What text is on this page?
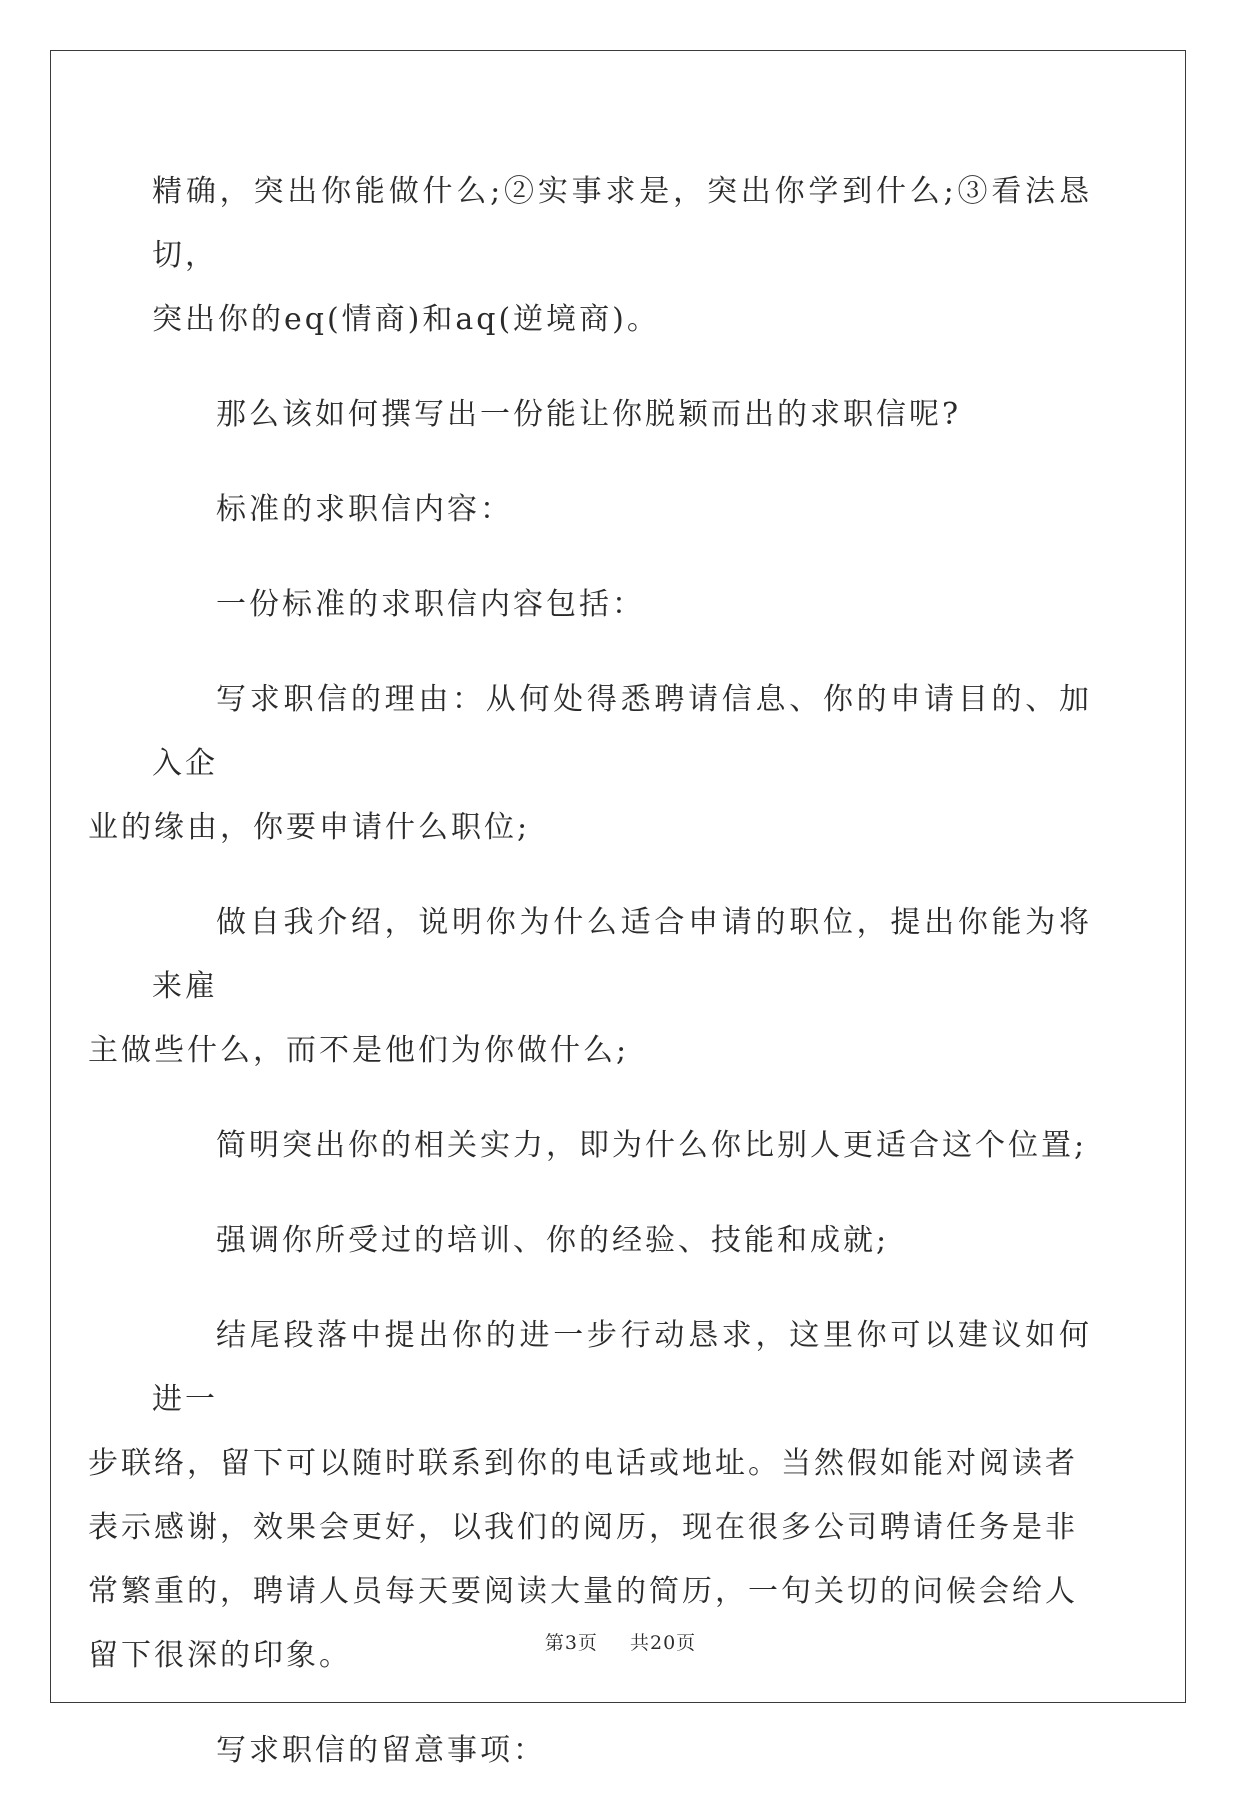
精确，突出你能做什么;②实事求是，突出你学到什么;③看法恳切，
突出你的eq(情商)和aq(逆境商)。

那么该如何撰写出一份能让你脱颖而出的求职信呢?

标准的求职信内容：

一份标准的求职信内容包括：

写求职信的理由：从何处得悉聘请信息、你的申请目的、加入企
业的缘由，你要申请什么职位;

做自我介绍，说明你为什么适合申请的职位，提出你能为将来雇
主做些什么，而不是他们为你做什么;

简明突出你的相关实力，即为什么你比别人更适合这个位置;

强调你所受过的培训、你的经验、技能和成就;

结尾段落中提出你的进一步行动恳求，这里你可以建议如何进一
步联络，留下可以随时联系到你的电话或地址。当然假如能对阅读者
表示感谢，效果会更好，以我们的阅历，现在很多公司聘请任务是非
常繁重的，聘请人员每天要阅读大量的简历，一句关切的问候会给人
留下很深的印象。

写求职信的留意事项：

第3页 共20页
